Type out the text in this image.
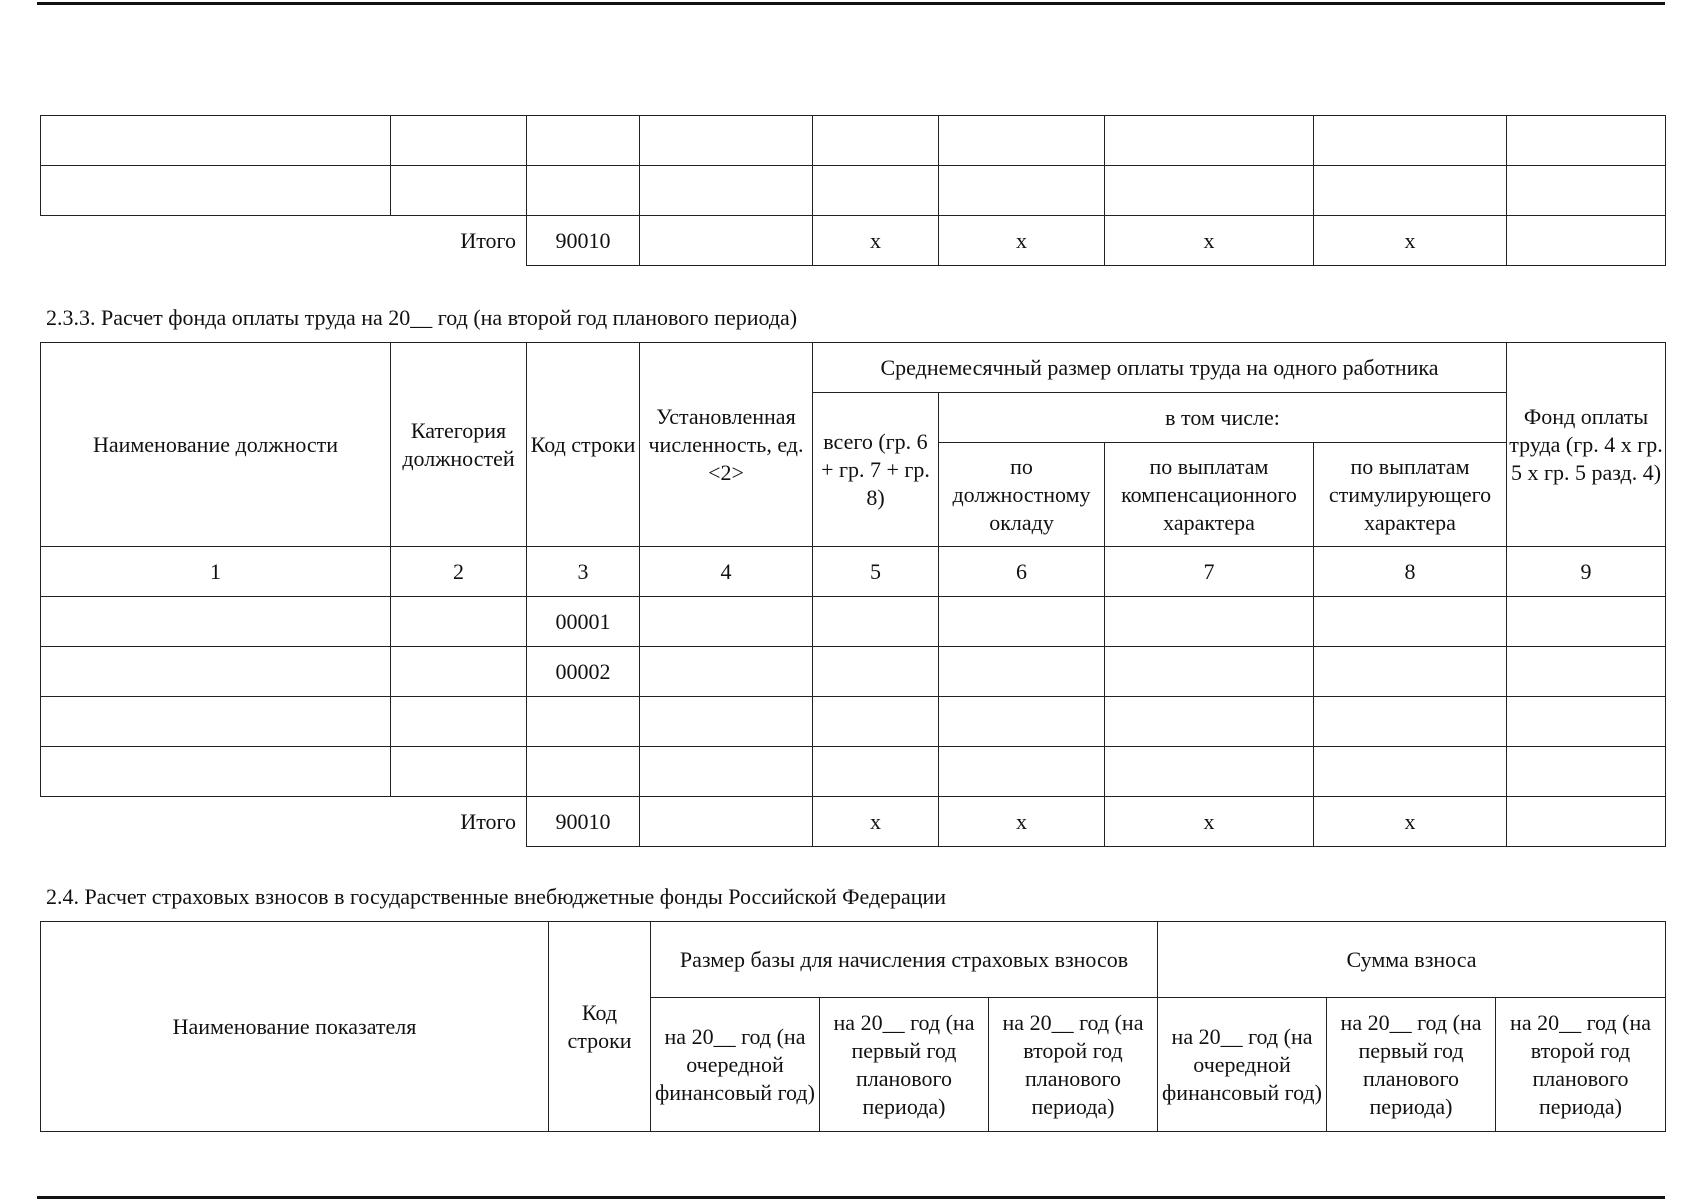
Итого		90010		x	x	x	x	
2.3.3. Расчет фонда оплаты труда на 20__ год (на второй год планового периода)
Наименование должности	Категория должностей	Код строки	Установленная численность, ед. <2>	Среднемесячный размер оплаты труда на одного работника				Фонд оплаты труда (гр. 4 x гр. 5 x гр. 5 разд. 4)
				всего (гр. 6 + гр. 7 + гр. 8)	в том числе:			
					по должностному окладу	по выплатам компенсационного характера	по выплатам стимулирующего характера	
1	2	3	4	5	6	7	8	9
		00001						
		00002						

Итого		90010		x	x	x	x	
2.4. Расчет страховых взносов в государственные внебюджетные фонды Российской Федерации
Наименование показателя	Код строки	Размер базы для начисления страховых взносов			Сумма взноса		
		на 20__ год (на очередной финансовый год)	на 20__ год (на первый год планового периода)	на 20__ год (на второй год планового периода)	на 20__ год (на очередной финансовый год)	на 20__ год (на первый год планового периода)	на 20__ год (на второй год планового периода)
